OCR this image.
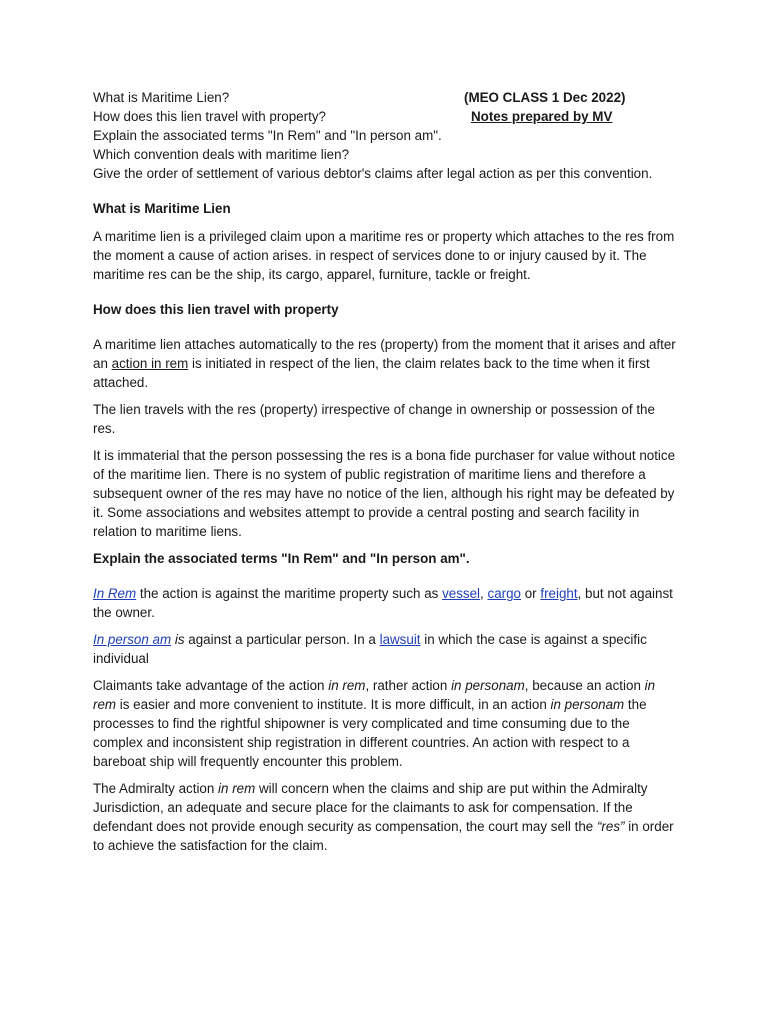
What is Maritime Lien?	(MEO CLASS 1 Dec 2022)
How does this lien travel with property?	Notes prepared by MV
Explain the associated terms "In Rem" and "In person am".
Which convention deals with maritime lien?
Give the order of settlement of various debtor's claims after legal action as per this convention.

What is Maritime Lien

A maritime lien is a privileged claim upon a maritime res or property which attaches to the res from the moment a cause of action arises. in respect of services done to or injury caused by it. The maritime res can be the ship, its cargo, apparel, furniture, tackle or freight.

How does this lien travel with property

A maritime lien attaches automatically to the res (property) from the moment that it arises and after an action in rem is initiated in respect of the lien, the claim relates back to the time when it first attached.

The lien travels with the res (property) irrespective of change in ownership or possession of the res.

It is immaterial that the person possessing the res is a bona fide purchaser for value without notice of the maritime lien. There is no system of public registration of maritime liens and therefore a subsequent owner of the res may have no notice of the lien, although his right may be defeated by it. Some associations and websites attempt to provide a central posting and search facility in relation to maritime liens.

Explain the associated terms "In Rem" and "In person am".

In Rem the action is against the maritime property such as vessel, cargo or freight, but not against the owner.

In person am is against a particular person. In a lawsuit in which the case is against a specific individual

Claimants take advantage of the action in rem, rather action in personam, because an action in rem is easier and more convenient to institute. It is more difficult, in an action in personam the processes to find the rightful shipowner is very complicated and time consuming due to the complex and inconsistent ship registration in different countries. An action with respect to a bareboat ship will frequently encounter this problem.

The Admiralty action in rem will concern when the claims and ship are put within the Admiralty Jurisdiction, an adequate and secure place for the claimants to ask for compensation. If the defendant does not provide enough security as compensation, the court may sell the “res” in order to achieve the satisfaction for the claim.
